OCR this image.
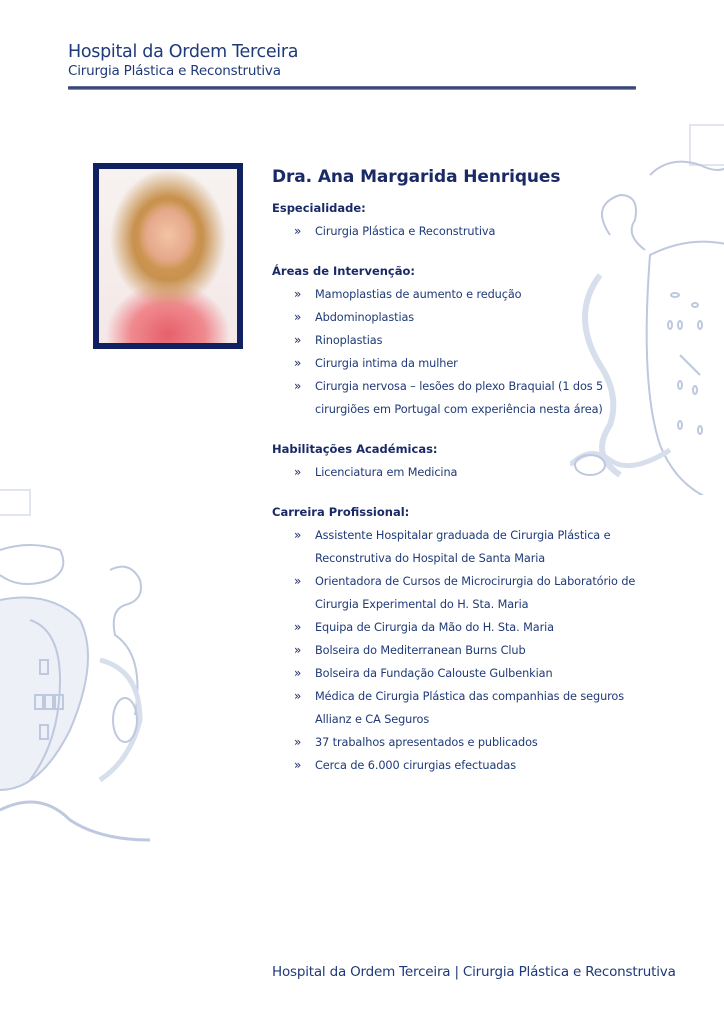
Hospital da Ordem Terceira
Cirurgia Plástica e Reconstrutiva
Dra. Ana Margarida Henriques
Especialidade:
» Cirurgia Plástica e Reconstrutiva
Áreas de Intervenção:
» Mamoplastias de aumento e redução
» Abdominoplastias
» Rinoplastias
» Cirurgia intima da mulher
» Cirurgia nervosa – lesões do plexo Braquial (1 dos 5 cirurgiões em Portugal com experiência nesta área)
Habilitações Académicas:
» Licenciatura em Medicina
Carreira Profissional:
» Assistente Hospitalar graduada de Cirurgia Plástica e Reconstrutiva do Hospital de Santa Maria
» Orientadora de Cursos de Microcirurgia do Laboratório de Cirurgia Experimental do H. Sta. Maria
» Equipa de Cirurgia da Mão do H. Sta. Maria
» Bolseira do Mediterranean Burns Club
» Bolseira da Fundação Calouste Gulbenkian
» Médica de Cirurgia Plástica das companhias de seguros Allianz e CA Seguros
» 37 trabalhos apresentados e publicados
» Cerca de 6.000 cirurgias efectuadas
Hospital da Ordem Terceira | Cirurgia Plástica e Reconstrutiva
